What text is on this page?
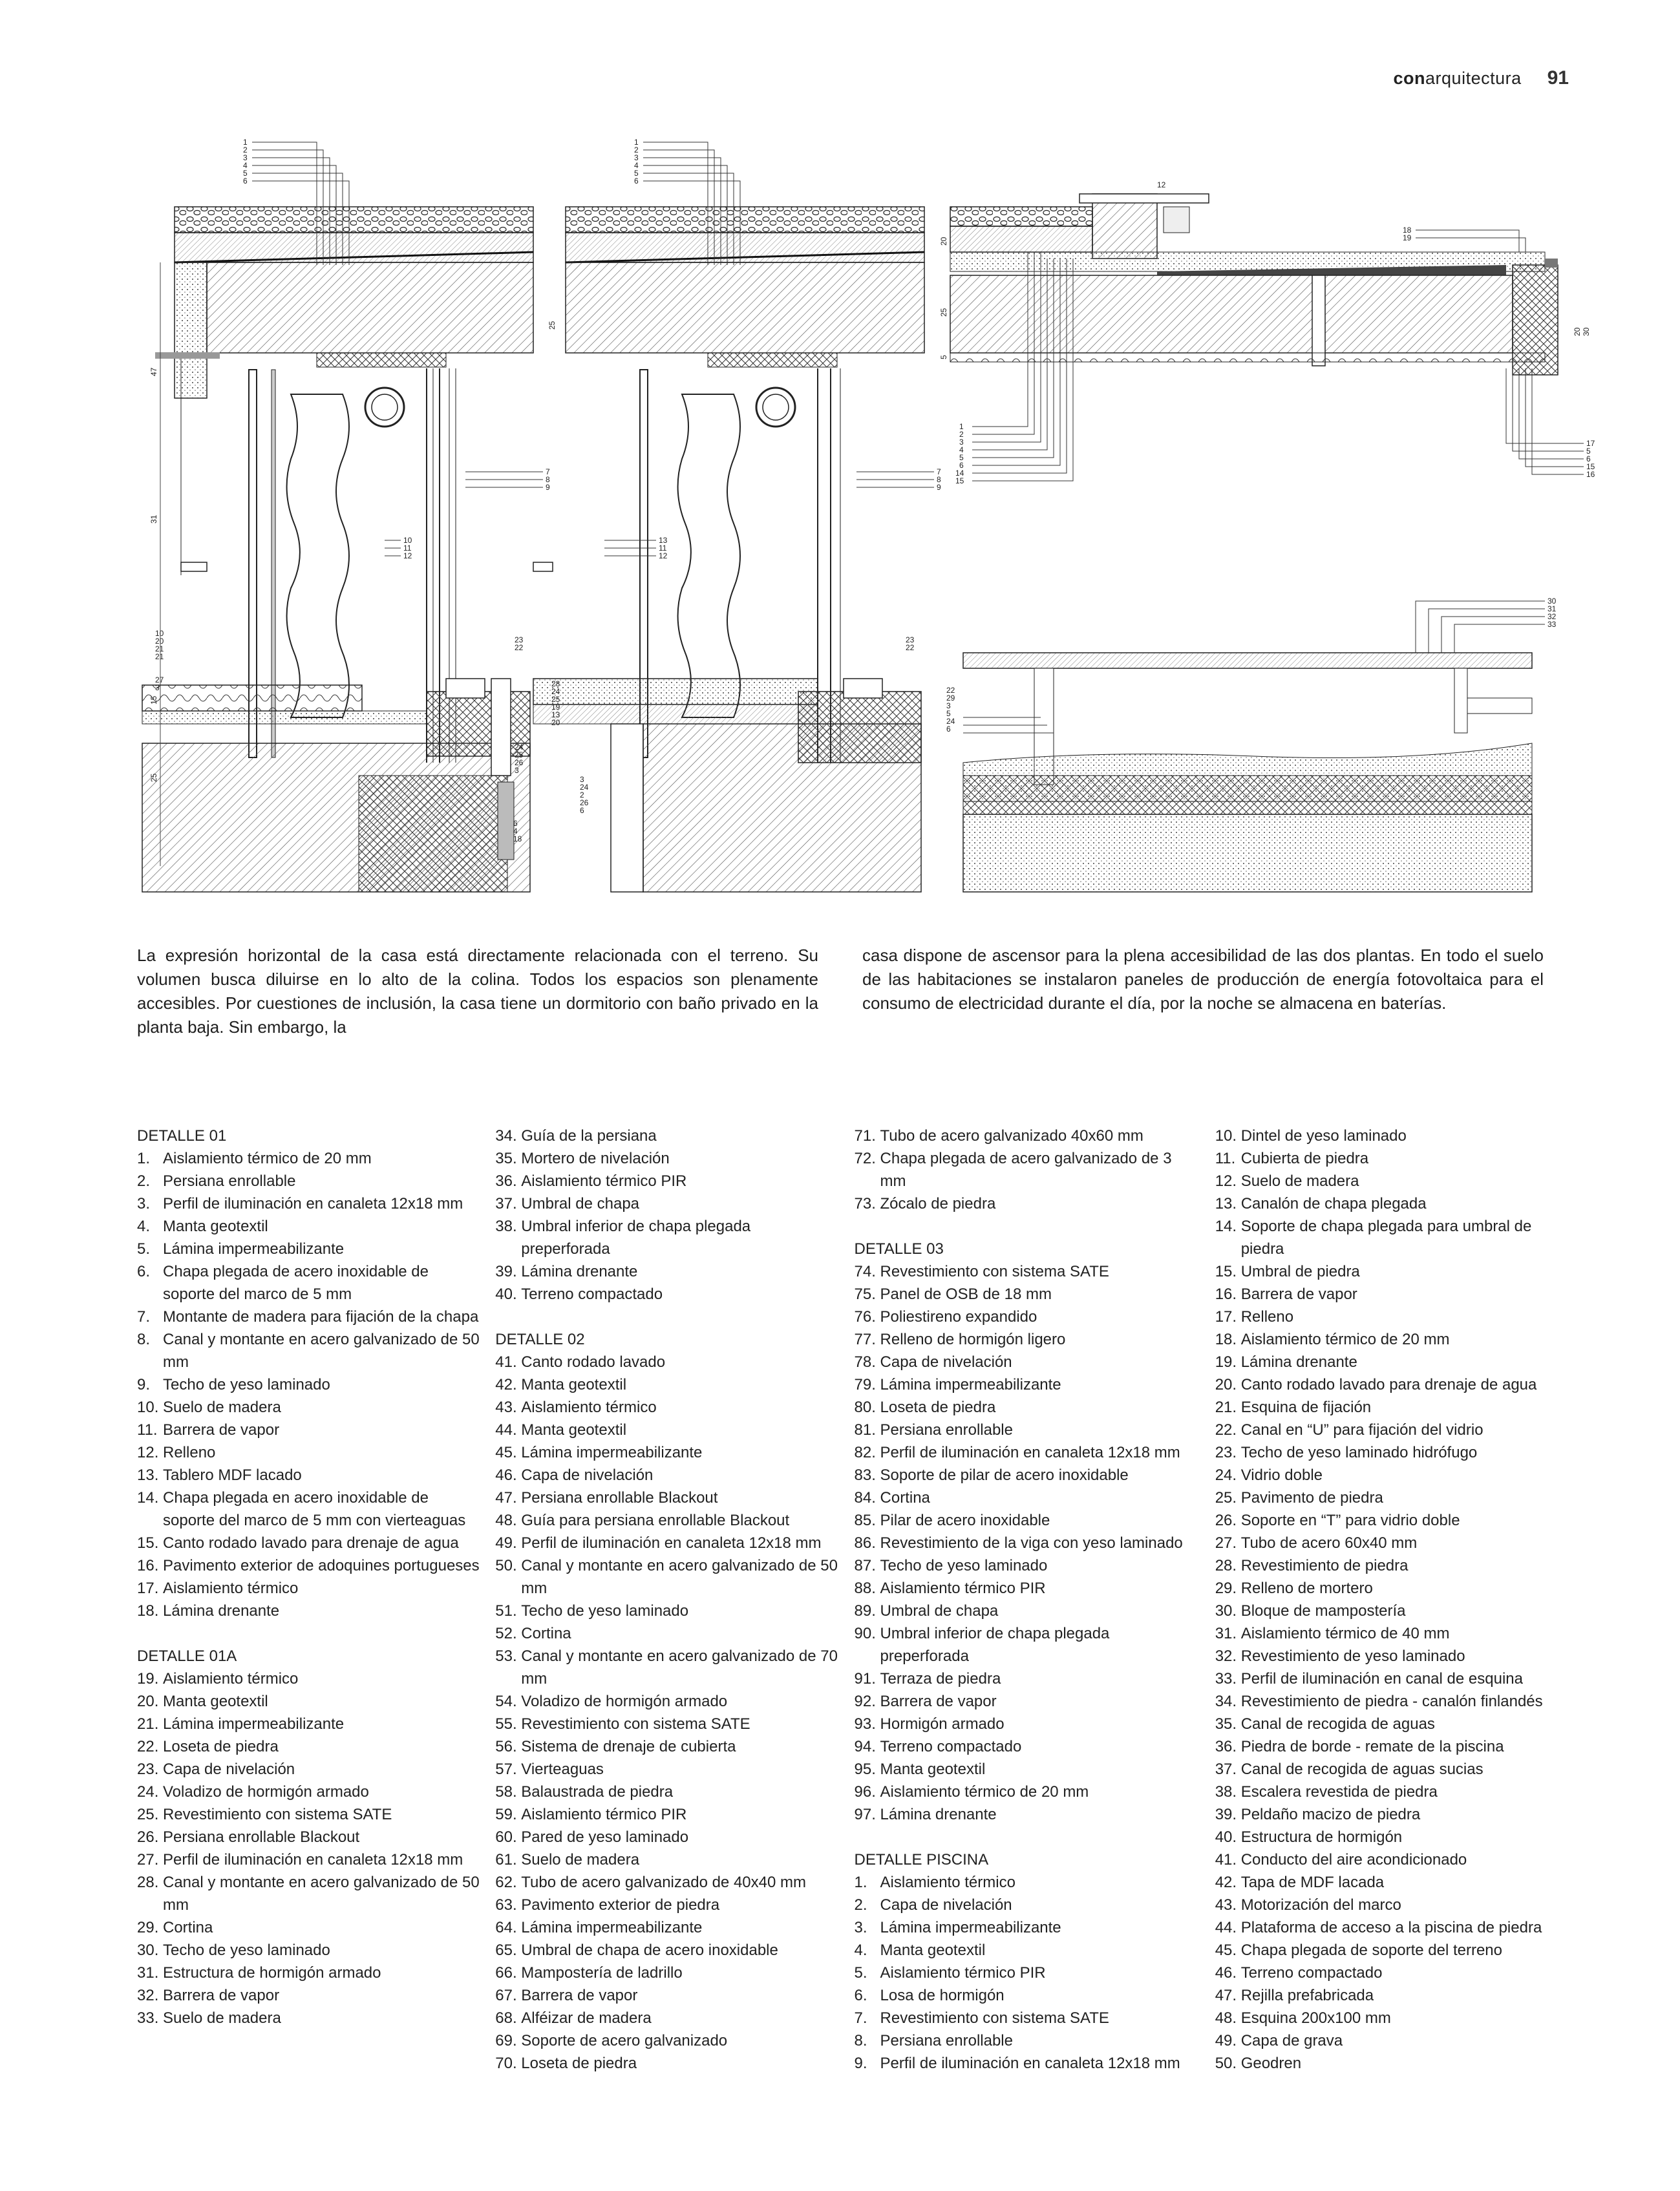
conarquitectura 91
1
2
3
4
5
6
7
8
9
10
11
12
10
20
21
21
27
3
23
22
24
25
26
3
6
4
18
47
31
15
25
25
1
2
3
4
5
6
7
8
9
13
11
12
28
24
25
19
13
20
23
22
3
24
2
26
6
12
18
19
1
2
3
4
5
6
14
15
17
5
6
15
16
20
25
5
20 30
30
31
32
33
22
29
3
5
24
6

La expresión horizontal de la casa está directamente relacionada con el terreno. Su volumen busca diluirse en lo alto de la colina. Todos los espacios son plenamente accesibles. Por cuestiones de inclusión, la casa tiene un dormitorio con baño privado en la planta baja. Sin embargo, la

casa dispone de ascensor para la plena accesibilidad de las dos plantas. En todo el suelo de las habitaciones se instalaron paneles de producción de energía fotovoltaica para el consumo de electricidad durante el día, por la noche se almacena en baterías.

DETALLE 01
1. Aislamiento térmico de 20 mm
2. Persiana enrollable
3. Perfil de iluminación en canaleta 12x18 mm
4. Manta geotextil
5. Lámina impermeabilizante
6. Chapa plegada de acero inoxidable de soporte del marco de 5 mm
7. Montante de madera para fijación de la chapa
8. Canal y montante en acero galvanizado de 50 mm
9. Techo de yeso laminado
10. Suelo de madera
11. Barrera de vapor
12. Relleno
13. Tablero MDF lacado
14. Chapa plegada en acero inoxidable de soporte del marco de 5 mm con vierteaguas
15. Canto rodado lavado para drenaje de agua
16. Pavimento exterior de adoquines portugueses
17. Aislamiento térmico
18. Lámina drenante
DETALLE 01A
19. Aislamiento térmico
20. Manta geotextil
21. Lámina impermeabilizante
22. Loseta de piedra
23. Capa de nivelación
24. Voladizo de hormigón armado
25. Revestimiento con sistema SATE
26. Persiana enrollable Blackout
27. Perfil de iluminación en canaleta 12x18 mm
28. Canal y montante en acero galvanizado de 50 mm
29. Cortina
30. Techo de yeso laminado
31. Estructura de hormigón armado
32. Barrera de vapor
33. Suelo de madera
34. Guía de la persiana
35. Mortero de nivelación
36. Aislamiento térmico PIR
37. Umbral de chapa
38. Umbral inferior de chapa plegada preperforada
39. Lámina drenante
40. Terreno compactado
DETALLE 02
41. Canto rodado lavado
42. Manta geotextil
43. Aislamiento térmico
44. Manta geotextil
45. Lámina impermeabilizante
46. Capa de nivelación
47. Persiana enrollable Blackout
48. Guía para persiana enrollable Blackout
49. Perfil de iluminación en canaleta 12x18 mm
50. Canal y montante en acero galvanizado de 50 mm
51. Techo de yeso laminado
52. Cortina
53. Canal y montante en acero galvanizado de 70 mm
54. Voladizo de hormigón armado
55. Revestimiento con sistema SATE
56. Sistema de drenaje de cubierta
57. Vierteaguas
58. Balaustrada de piedra
59. Aislamiento térmico PIR
60. Pared de yeso laminado
61. Suelo de madera
62. Tubo de acero galvanizado de 40x40 mm
63. Pavimento exterior de piedra
64. Lámina impermeabilizante
65. Umbral de chapa de acero inoxidable
66. Mampostería de ladrillo
67. Barrera de vapor
68. Alféizar de madera
69. Soporte de acero galvanizado
70. Loseta de piedra
71. Tubo de acero galvanizado 40x60 mm
72. Chapa plegada de acero galvanizado de 3 mm
73. Zócalo de piedra
DETALLE 03
74. Revestimiento con sistema SATE
75. Panel de OSB de 18 mm
76. Poliestireno expandido
77. Relleno de hormigón ligero
78. Capa de nivelación
79. Lámina impermeabilizante
80. Loseta de piedra
81. Persiana enrollable
82. Perfil de iluminación en canaleta 12x18 mm
83. Soporte de pilar de acero inoxidable
84. Cortina
85. Pilar de acero inoxidable
86. Revestimiento de la viga con yeso laminado
87. Techo de yeso laminado
88. Aislamiento térmico PIR
89. Umbral de chapa
90. Umbral inferior de chapa plegada preperforada
91. Terraza de piedra
92. Barrera de vapor
93. Hormigón armado
94. Terreno compactado
95. Manta geotextil
96. Aislamiento térmico de 20 mm
97. Lámina drenante
DETALLE PISCINA
1. Aislamiento térmico
2. Capa de nivelación
3. Lámina impermeabilizante
4. Manta geotextil
5. Aislamiento térmico PIR
6. Losa de hormigón
7. Revestimiento con sistema SATE
8. Persiana enrollable
9. Perfil de iluminación en canaleta 12x18 mm
10. Dintel de yeso laminado
11. Cubierta de piedra
12. Suelo de madera
13. Canalón de chapa plegada
14. Soporte de chapa plegada para umbral de piedra
15. Umbral de piedra
16. Barrera de vapor
17. Relleno
18. Aislamiento térmico de 20 mm
19. Lámina drenante
20. Canto rodado lavado para drenaje de agua
21. Esquina de fijación
22. Canal en “U” para fijación del vidrio
23. Techo de yeso laminado hidrófugo
24. Vidrio doble
25. Pavimento de piedra
26. Soporte en “T” para vidrio doble
27. Tubo de acero 60x40 mm
28. Revestimiento de piedra
29. Relleno de mortero
30. Bloque de mampostería
31. Aislamiento térmico de 40 mm
32. Revestimiento de yeso laminado
33. Perfil de iluminación en canal de esquina
34. Revestimiento de piedra - canalón finlandés
35. Canal de recogida de aguas
36. Piedra de borde - remate de la piscina
37. Canal de recogida de aguas sucias
38. Escalera revestida de piedra
39. Peldaño macizo de piedra
40. Estructura de hormigón
41. Conducto del aire acondicionado
42. Tapa de MDF lacada
43. Motorización del marco
44. Plataforma de acceso a la piscina de piedra
45. Chapa plegada de soporte del terreno
46. Terreno compactado
47. Rejilla prefabricada
48. Esquina 200x100 mm
49. Capa de grava
50. Geodren
